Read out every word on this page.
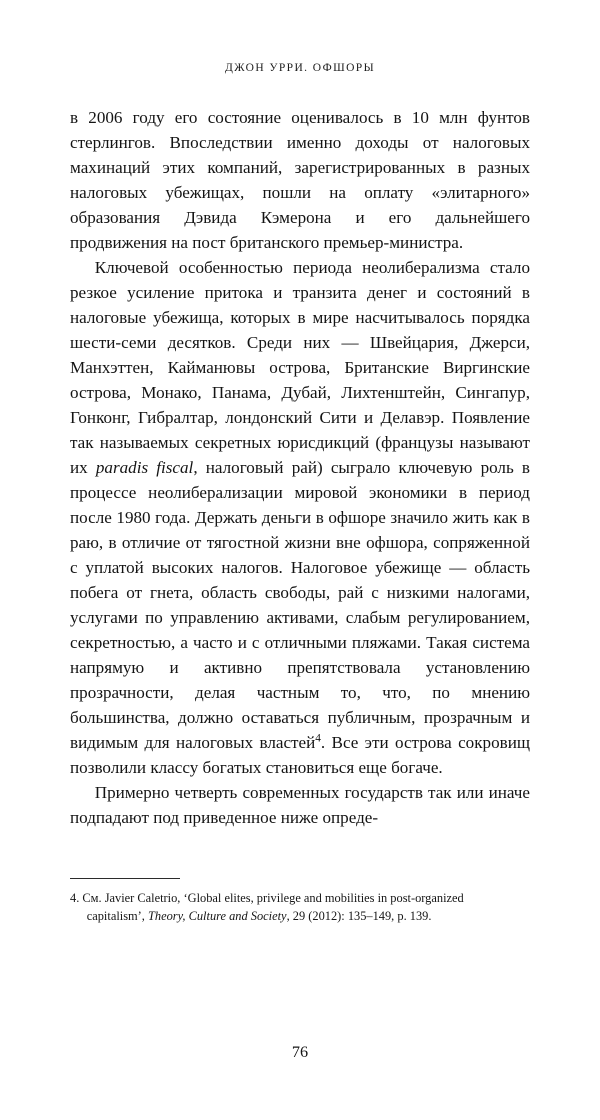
ДЖОН УРРИ. ОФШОРЫ

в 2006 году его состояние оценивалось в 10 млн фунтов стерлингов. Впоследствии именно доходы от налоговых махинаций этих компаний, зарегистрированных в разных налоговых убежищах, пошли на оплату «элитарного» образования Дэвида Кэмерона и его дальнейшего продвижения на пост британского премьер-министра.

Ключевой особенностью периода неолиберализма стало резкое усиление притока и транзита денег и состояний в налоговые убежища, которых в мире насчитывалось порядка шести-семи десятков. Среди них — Швейцария, Джерси, Манхэттен, Кайманювы острова, Британские Виргинские острова, Монако, Панама, Дубай, Лихтенштейн, Сингапур, Гонконг, Гибралтар, лондонский Сити и Делавэр. Появление так называемых секретных юрисдикций (французы называют их paradis fiscal, налоговый рай) сыграло ключевую роль в процессе неолиберализации мировой экономики в период после 1980 года. Держать деньги в офшоре значило жить как в раю, в отличие от тягостной жизни вне офшора, сопряженной с уплатой высоких налогов. Налоговое убежище — область побега от гнета, область свободы, рай с низкими налогами, услугами по управлению активами, слабым регулированием, секретностью, а часто и с отличными пляжами. Такая система напрямую и активно препятствовала установлению прозрачности, делая частным то, что, по мнению большинства, должно оставаться публичным, прозрачным и видимым для налоговых властей$^4$. Все эти острова сокровищ позволили классу богатых становиться еще богаче.

Примерно четверть современных государств так или иначе подпадают под приведенное ниже опреде-

4. См. Javier Caletrio, ‘Global elites, privilege and mobilities in post-organized capitalism’, Theory, Culture and Society, 29 (2012): 135–149, p. 139.
76
